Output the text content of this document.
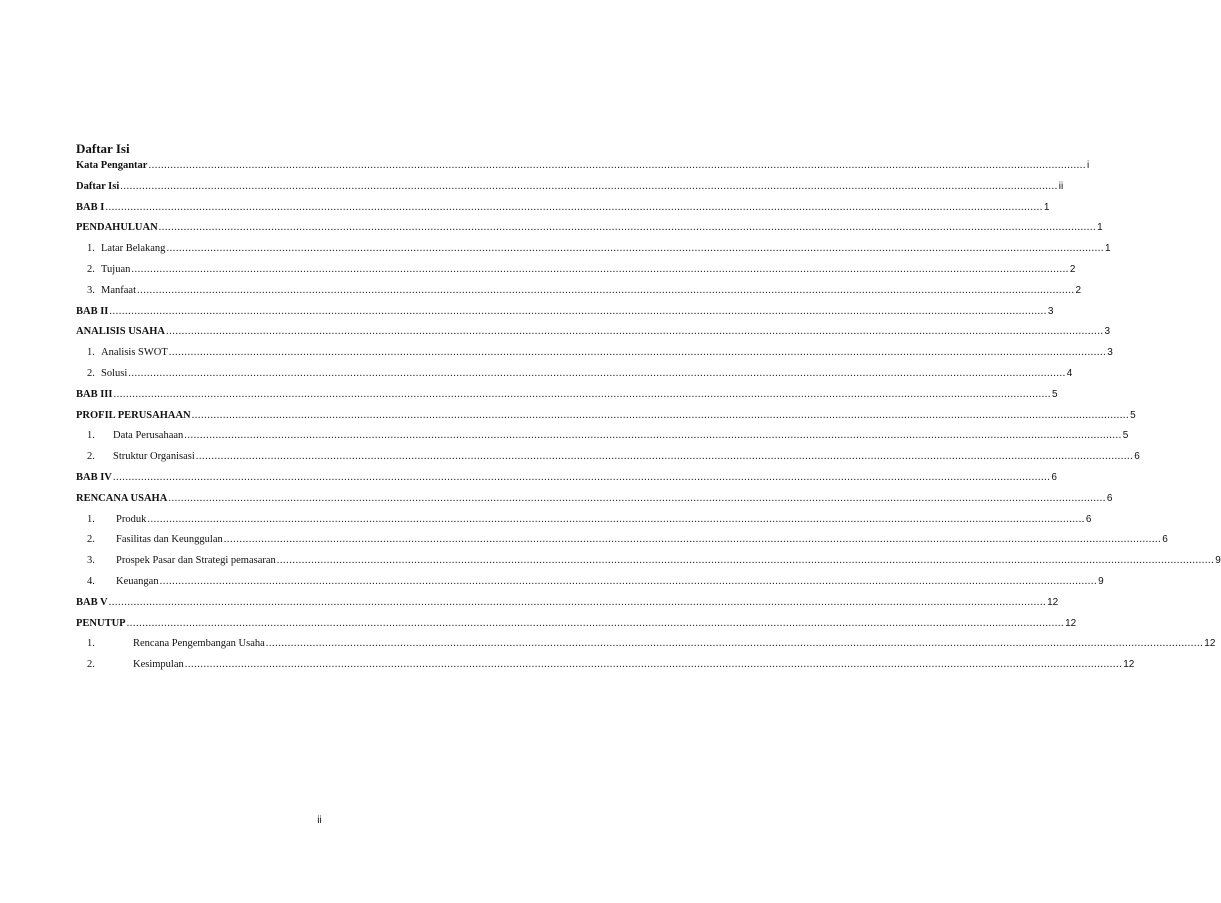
Daftar Isi
Kata Pengantar ............................................................................................................................................................................................................................................................................................................ i
Daftar Isi ............................................................................................................................................................................................................................................................................................................ ii
BAB I ............................................................................................................................................................................................................................................................................................................ 1
PENDAHULUAN ............................................................................................................................................................................................................................................................................................................ 1
1. Latar Belakang ............................................................................................................................................................................................................................................................................................................ 1
2. Tujuan ............................................................................................................................................................................................................................................................................................................ 2
3. Manfaat ............................................................................................................................................................................................................................................................................................................ 2
BAB II ............................................................................................................................................................................................................................................................................................................ 3
ANALISIS USAHA ............................................................................................................................................................................................................................................................................................................ 3
1. Analisis SWOT ............................................................................................................................................................................................................................................................................................................ 3
2. Solusi ............................................................................................................................................................................................................................................................................................................ 4
BAB III ............................................................................................................................................................................................................................................................................................................ 5
PROFIL PERUSAHAAN ............................................................................................................................................................................................................................................................................................................ 5
1.	Data Perusahaan ............................................................................................................................................................................................................................................................................................................ 5
2.	Struktur Organisasi ............................................................................................................................................................................................................................................................................................................ 6
BAB IV ............................................................................................................................................................................................................................................................................................................ 6
RENCANA USAHA ............................................................................................................................................................................................................................................................................................................ 6
1.	Produk ............................................................................................................................................................................................................................................................................................................ 6
2.	Fasilitas dan Keunggulan ............................................................................................................................................................................................................................................................................................................ 6
3.	Prospek Pasar dan Strategi pemasaran ............................................................................................................................................................................................................................................................................................................ 9
4.	Keuangan ............................................................................................................................................................................................................................................................................................................ 9
BAB V ............................................................................................................................................................................................................................................................................................................ 12
PENUTUP ............................................................................................................................................................................................................................................................................................................ 12
1.	Rencana Pengembangan Usaha ............................................................................................................................................................................................................................................................................................................ 12
2.	Kesimpulan ............................................................................................................................................................................................................................................................................................................ 12
ii
